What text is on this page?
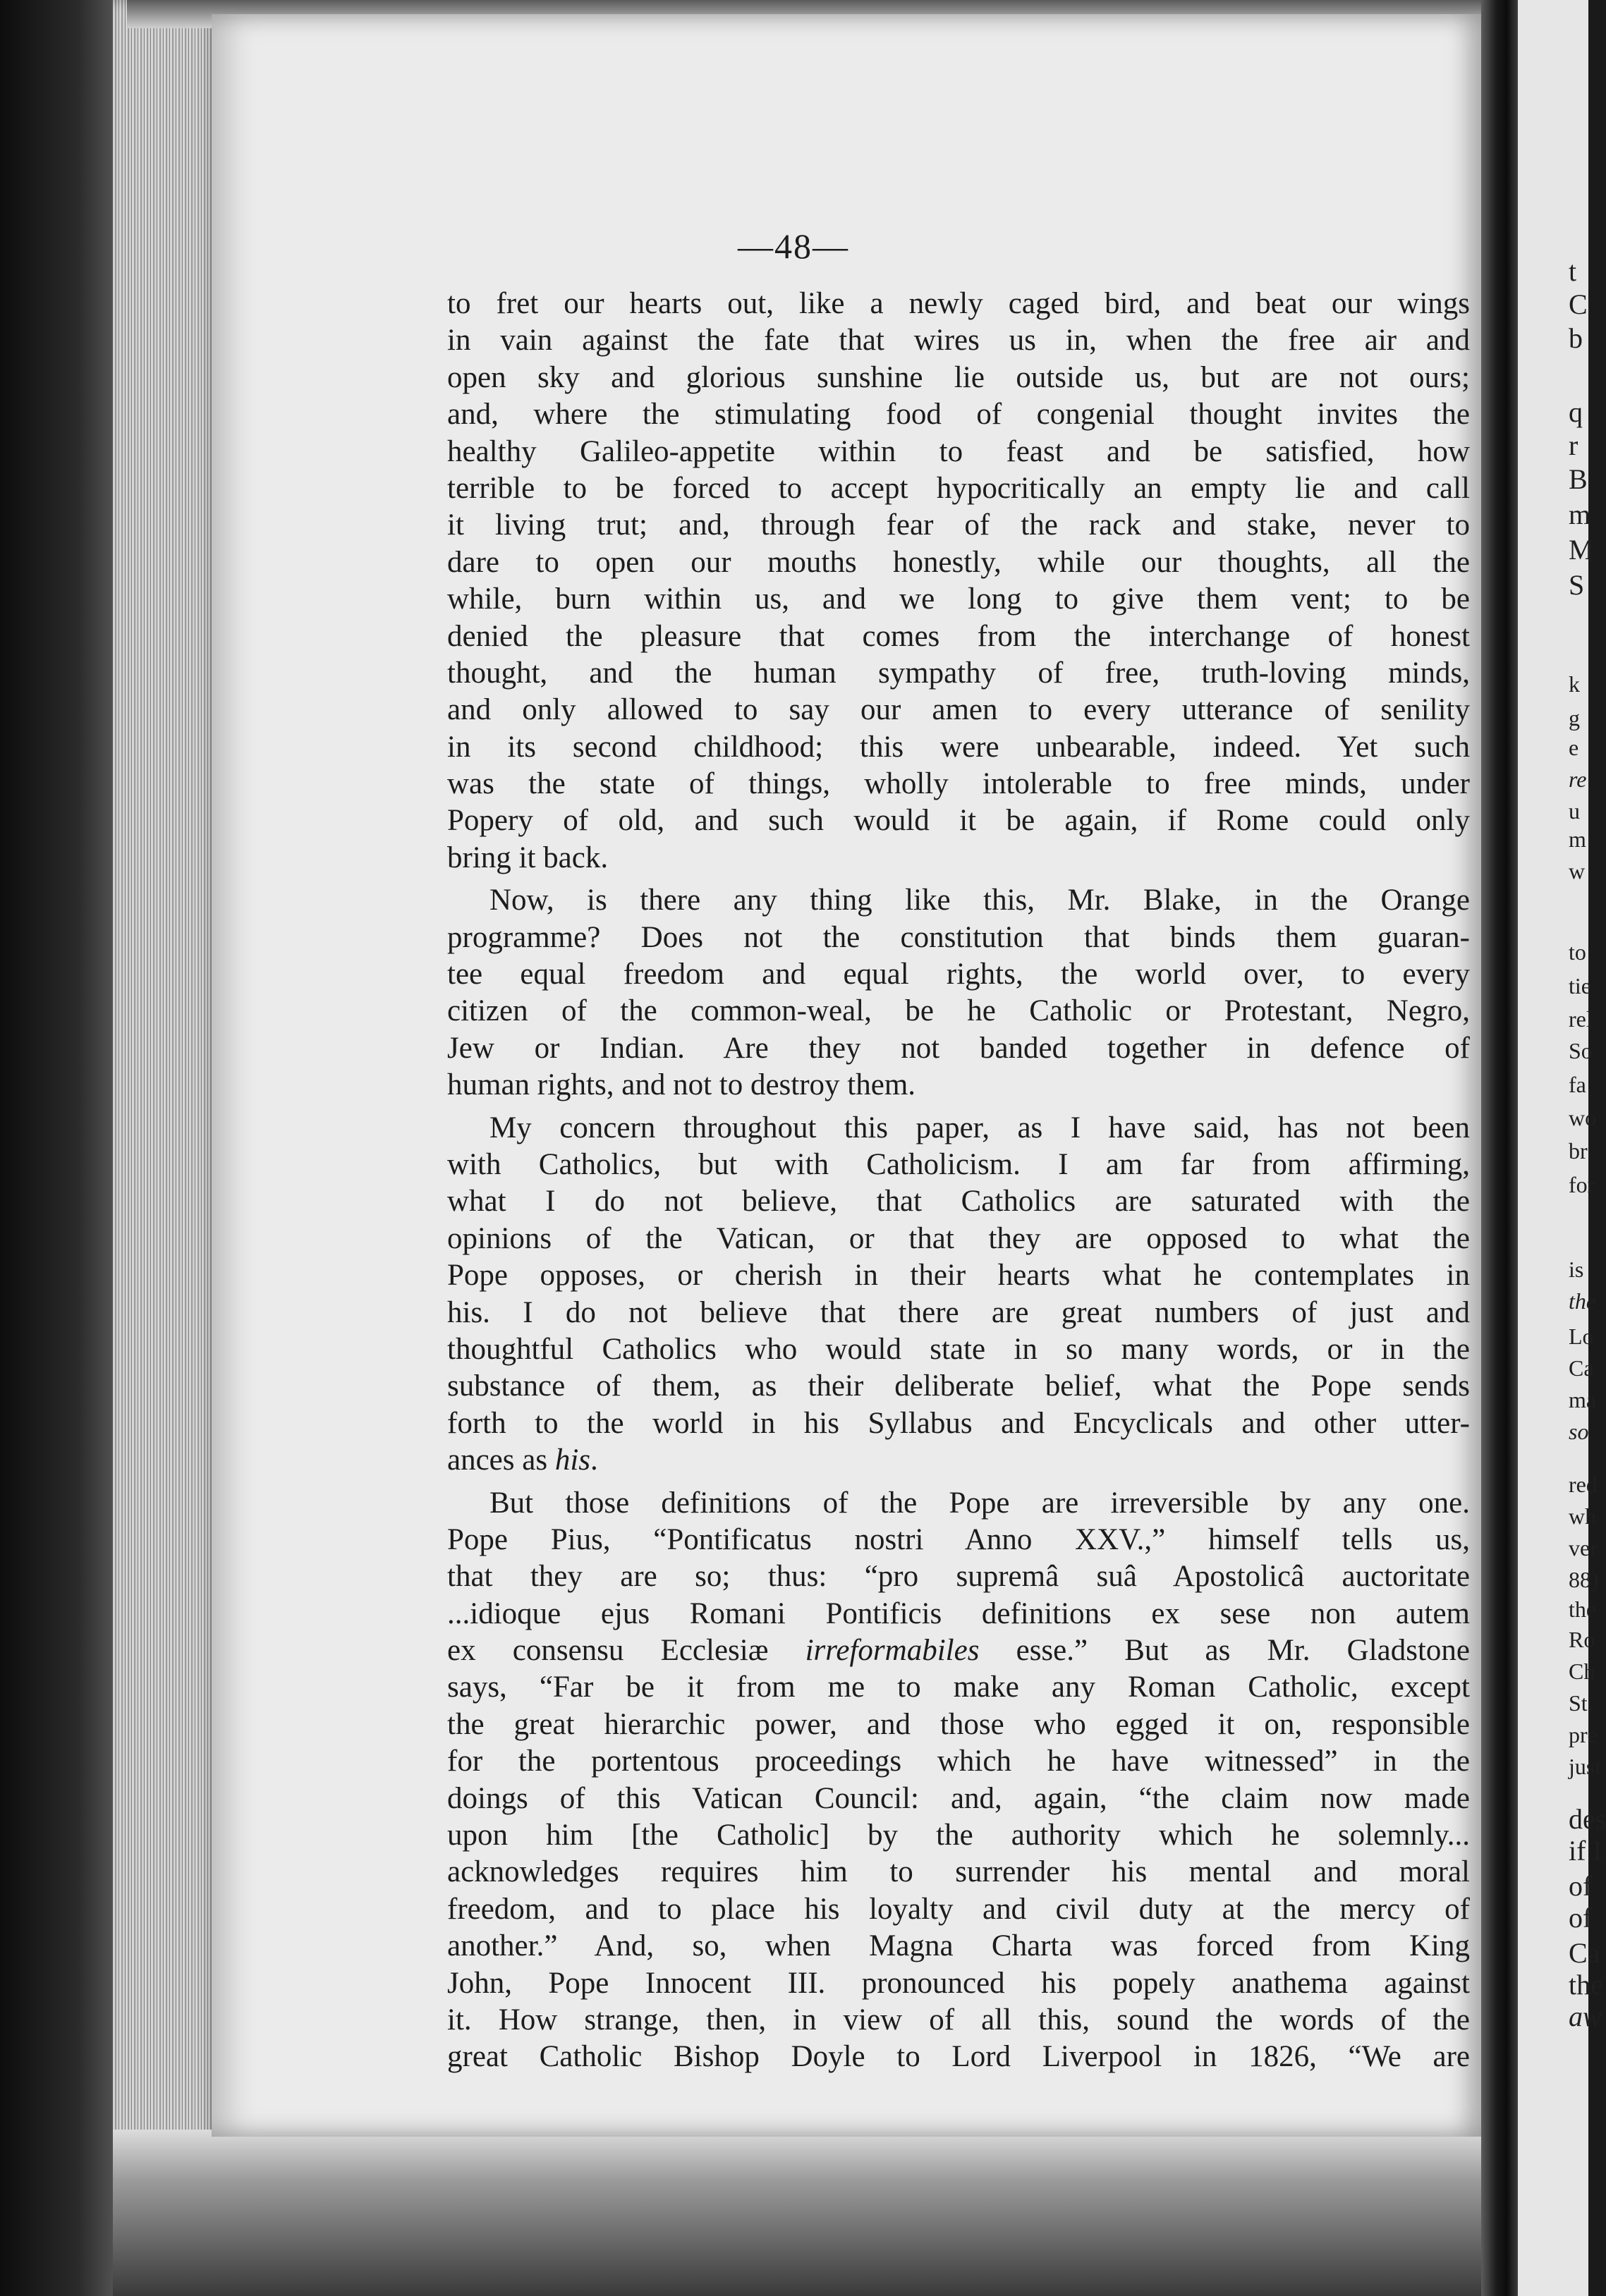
t
C
b
q
r
B
m
M
S
k
g
e
re
u
m
w
to
tie
rel
So
fa
wo
br
for
is
the
Lo
Ca
ma
so
red
wh
ver
88)
the
Ro
Ch
St.
pre
just
des
if I
of
of
Ca
the
aw
—48—
to fret our hearts out, like a newly caged bird, and beat our wings
in vain against the fate that wires us in, when the free air and
open sky and glorious sunshine lie outside us, but are not ours;
and, where the stimulating food of congenial thought invites the
healthy Galileo-appetite within to feast and be satisfied, how
terrible to be forced to accept hypocritically an empty lie and call
it living trut; and, through fear of the rack and stake, never to
dare to open our mouths honestly, while our thoughts, all the
while, burn within us, and we long to give them vent; to be
denied the pleasure that comes from the interchange of honest
thought, and the human sympathy of free, truth-loving minds,
and only allowed to say our amen to every utterance of senility
in its second childhood; this were unbearable, indeed. Yet such
was the state of things, wholly intolerable to free minds, under
Popery of old, and such would it be again, if Rome could only
bring it back.
Now, is there any thing like this, Mr. Blake, in the Orange
programme? Does not the constitution that binds them guaran-
tee equal freedom and equal rights, the world over, to every
citizen of the common-weal, be he Catholic or Protestant, Negro,
Jew or Indian. Are they not banded together in defence of
human rights, and not to destroy them.
My concern throughout this paper, as I have said, has not been
with Catholics, but with Catholicism. I am far from affirming,
what I do not believe, that Catholics are saturated with the
opinions of the Vatican, or that they are opposed to what the
Pope opposes, or cherish in their hearts what he contemplates in
his. I do not believe that there are great numbers of just and
thoughtful Catholics who would state in so many words, or in the
substance of them, as their deliberate belief, what the Pope sends
forth to the world in his Syllabus and Encyclicals and other utter-
ances as his.
But those definitions of the Pope are irreversible by any one.
Pope Pius, “Pontificatus nostri Anno XXV.,” himself tells us,
that they are so; thus: “pro supremâ suâ Apostolicâ auctoritate
...idioque ejus Romani Pontificis definitions ex sese non autem
ex consensu Ecclesiæ irreformabiles esse.” But as Mr. Gladstone
says, “Far be it from me to make any Roman Catholic, except
the great hierarchic power, and those who egged it on, responsible
for the portentous proceedings which he have witnessed” in the
doings of this Vatican Council: and, again, “the claim now made
upon him [the Catholic] by the authority which he solemnly...
acknowledges requires him to surrender his mental and moral
freedom, and to place his loyalty and civil duty at the mercy of
another.” And, so, when Magna Charta was forced from King
John, Pope Innocent III. pronounced his popely anathema against
it. How strange, then, in view of all this, sound the words of the
great Catholic Bishop Doyle to Lord Liverpool in 1826, “We are
